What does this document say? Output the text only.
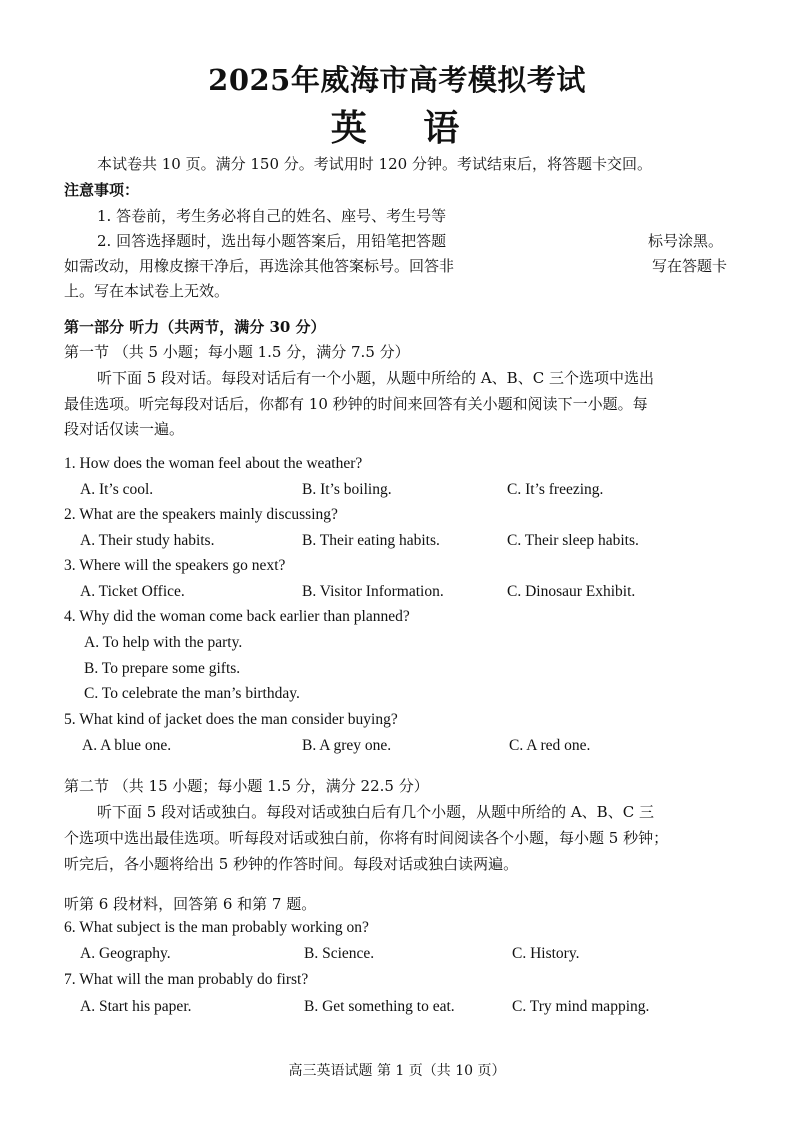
2025年威海市高考模拟考试
英 语
本试卷共 10 页。满分 150 分。考试用时 120 分钟。考试结束后，将答题卡交回。
注意事项：
1. 答卷前，考生务必将自己的姓名、座号、考生号等
2. 回答选择题时，选出每小题答案后，用铅笔把答题	标号涂黑。
如需改动，用橡皮擦干净后，再选涂其他答案标号。回答非	写在答题卡
上。写在本试卷上无效。
第一部分 听力（共两节，满分 30 分）
第一节 （共 5 小题；每小题 1.5 分，满分 7.5 分）
听下面 5 段对话。每段对话后有一个小题，从题中所给的 A、B、C 三个选项中选出
最佳选项。听完每段对话后，你都有 10 秒钟的时间来回答有关小题和阅读下一小题。每
段对话仅读一遍。
1. How does the woman feel about the weather?
A. It’s cool.	B. It’s boiling.	C. It’s freezing.
2. What are the speakers mainly discussing?
A. Their study habits.	B. Their eating habits.	C. Their sleep habits.
3. Where will the speakers go next?
A. Ticket Office.	B. Visitor Information.	C. Dinosaur Exhibit.
4. Why did the woman come back earlier than planned?
A. To help with the party.
B. To prepare some gifts.
C. To celebrate the man’s birthday.
5. What kind of jacket does the man consider buying?
A. A blue one.	B. A grey one.	C. A red one.
第二节 （共 15 小题；每小题 1.5 分，满分 22.5 分）
听下面 5 段对话或独白。每段对话或独白后有几个小题，从题中所给的 A、B、C 三
个选项中选出最佳选项。听每段对话或独白前，你将有时间阅读各个小题，每小题 5 秒钟；
听完后，各小题将给出 5 秒钟的作答时间。每段对话或独白读两遍。
听第 6 段材料，回答第 6 和第 7 题。
6. What subject is the man probably working on?
A. Geography.	B. Science.	C. History.
7. What will the man probably do first?
A. Start his paper.	B. Get something to eat.	C. Try mind mapping.
高三英语试题 第 1 页（共 10 页）
